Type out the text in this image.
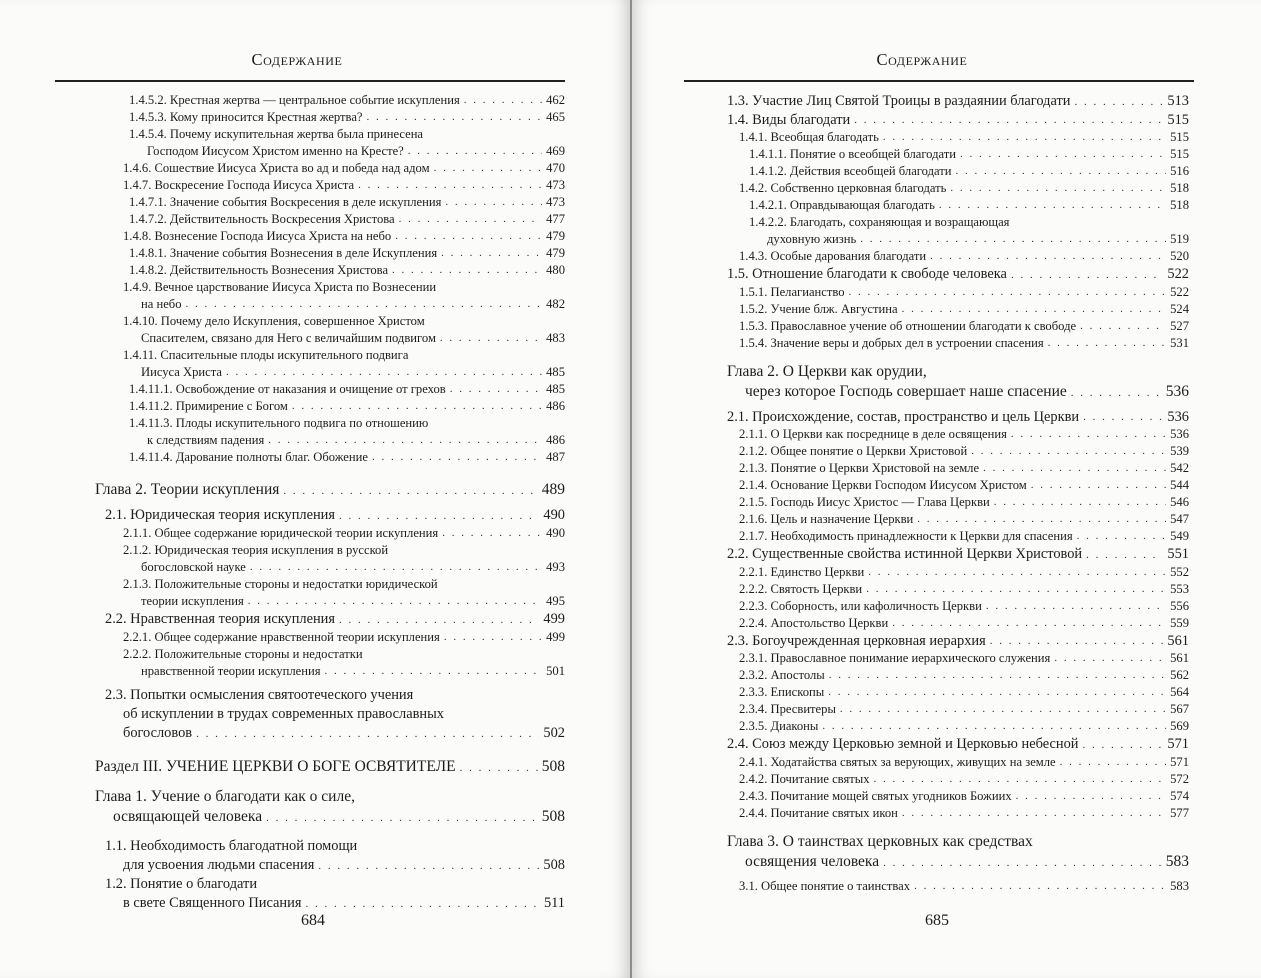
Содержание
1.4.5.2. Крестная жертва — центральное событие искупления . . .	462
1.4.5.3. Кому приносится Крестная жертва? . . .	465
1.4.5.4. Почему искупительная жертва была принесена
Господом Иисусом Христом именно на Кресте? . . .	469
1.4.6. Сошествие Иисуса Христа во ад и победа над адом . . .	470
1.4.7. Воскресение Господа Иисуса Христа . . .	473
1.4.7.1. Значение события Воскресения в деле искупления . . .	473
1.4.7.2. Действительность Воскресения Христова . . .	477
1.4.8. Вознесение Господа Иисуса Христа на небо . . .	479
1.4.8.1. Значение события Вознесения в деле Искупления . . .	479
1.4.8.2. Действительность Вознесения Христова . . .	480
1.4.9. Вечное царствование Иисуса Христа по Вознесении
на небо . . .	482
1.4.10. Почему дело Искупления, совершенное Христом
Спасителем, связано для Него с величайшим подвигом . . .	483
1.4.11. Спасительные плоды искупительного подвига
Иисуса Христа . . .	485
1.4.11.1. Освобождение от наказания и очищение от грехов . . .	485
1.4.11.2. Примирение с Богом . . .	486
1.4.11.3. Плоды искупительного подвига по отношению
к следствиям падения . . .	486
1.4.11.4. Дарование полноты благ. Обожение . . .	487
Глава 2. Теории искупления . . .	489
2.1. Юридическая теория искупления . . .	490
2.1.1. Общее содержание юридической теории искупления . . .	490
2.1.2. Юридическая теория искупления в русской
богословской науке . . .	493
2.1.3. Положительные стороны и недостатки юридической
теории искупления . . .	495
2.2. Нравственная теория искупления . . .	499
2.2.1. Общее содержание нравственной теории искупления . . .	499
2.2.2. Положительные стороны и недостатки
нравственной теории искупления . . .	501
2.3. Попытки осмысления святоотеческого учения
об искуплении в трудах современных православных
богословов . . .	502
Раздел III. УЧЕНИЕ ЦЕРКВИ О БОГЕ ОСВЯТИТЕЛЕ . . .	508
Глава 1. Учение о благодати как о силе,
освящающей человека . . .	508
1.1. Необходимость благодатной помощи
для усвоения людьми спасения . . .	508
1.2. Понятие о благодати
в свете Священного Писания . . .	511
684
Содержание
1.3. Участие Лиц Святой Троицы в раздаянии благодати . . .	513
1.4. Виды благодати . . .	515
1.4.1. Всеобщая благодать . . .	515
1.4.1.1. Понятие о всеобщей благодати . . .	515
1.4.1.2. Действия всеобщей благодати . . .	516
1.4.2. Собственно церковная благодать . . .	518
1.4.2.1. Оправдывающая благодать . . .	518
1.4.2.2. Благодать, сохраняющая и возращающая
духовную жизнь . . .	519
1.4.3. Особые дарования благодати . . .	520
1.5. Отношение благодати к свободе человека . . .	522
1.5.1. Пелагианство . . .	522
1.5.2. Учение блж. Августина . . .	524
1.5.3. Православное учение об отношении благодати к свободе . . .	527
1.5.4. Значение веры и добрых дел в устроении спасения . . .	531
Глава 2. О Церкви как орудии,
через которое Господь совершает наше спасение . . .	536
2.1. Происхождение, состав, пространство и цель Церкви . . .	536
2.1.1. О Церкви как посреднице в деле освящения . . .	536
2.1.2. Общее понятие о Церкви Христовой . . .	539
2.1.3. Понятие о Церкви Христовой на земле . . .	542
2.1.4. Основание Церкви Господом Иисусом Христом . . .	544
2.1.5. Господь Иисус Христос — Глава Церкви . . .	546
2.1.6. Цель и назначение Церкви . . .	547
2.1.7. Необходимость принадлежности к Церкви для спасения . . .	549
2.2. Существенные свойства истинной Церкви Христовой . . .	551
2.2.1. Единство Церкви . . .	552
2.2.2. Святость Церкви . . .	553
2.2.3. Соборность, или кафоличность Церкви . . .	556
2.2.4. Апостольство Церкви . . .	559
2.3. Богоучрежденная церковная иерархия . . .	561
2.3.1. Православное понимание иерархического служения . . .	561
2.3.2. Апостолы . . .	562
2.3.3. Епископы . . .	564
2.3.4. Пресвитеры . . .	567
2.3.5. Диаконы . . .	569
2.4. Союз между Церковью земной и Церковью небесной . . .	571
2.4.1. Ходатайства святых за верующих, живущих на земле . . .	571
2.4.2. Почитание святых . . .	572
2.4.3. Почитание мощей святых угодников Божиих . . .	574
2.4.4. Почитание святых икон . . .	577
Глава 3. О таинствах церковных как средствах
освящения человека . . .	583
3.1. Общее понятие о таинствах . . .	583
685
